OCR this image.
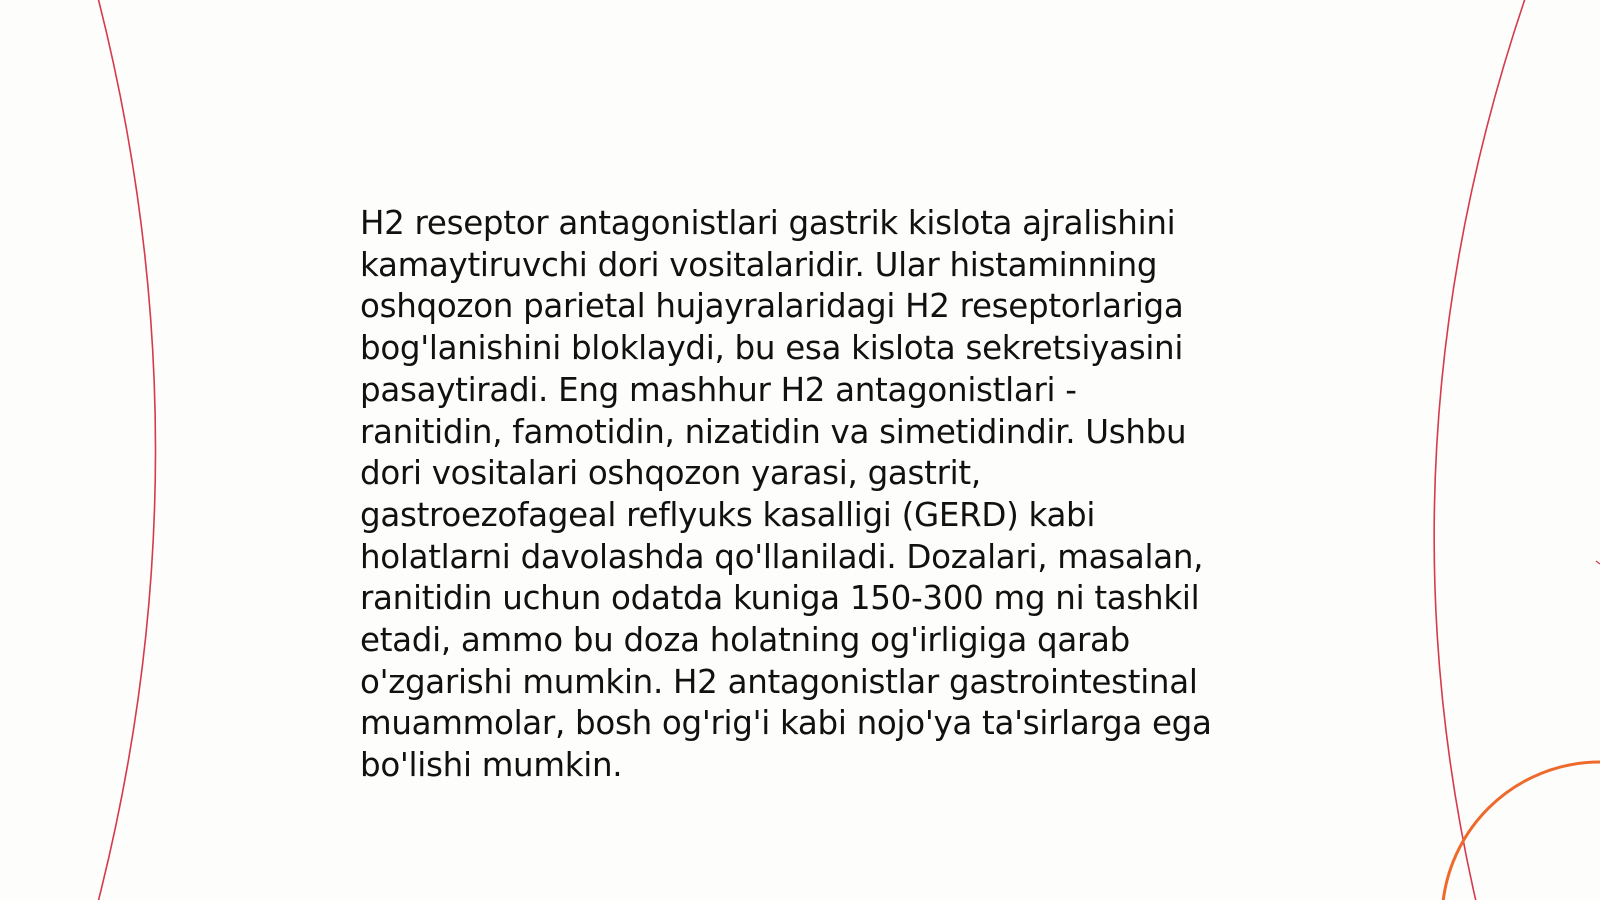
H2 reseptor antagonistlari gastrik kislota ajralishini
kamaytiruvchi dori vositalaridir. Ular histaminning
oshqozon parietal hujayralaridagi H2 reseptorlariga
bog'lanishini bloklaydi, bu esa kislota sekretsiyasini
pasaytiradi. Eng mashhur H2 antagonistlari -
ranitidin, famotidin, nizatidin va simetidindir. Ushbu
dori vositalari oshqozon yarasi, gastrit,
gastroezofageal reflyuks kasalligi (GERD) kabi
holatlarni davolashda qo'llaniladi. Dozalari, masalan,
ranitidin uchun odatda kuniga 150-300 mg ni tashkil
etadi, ammo bu doza holatning og'irligiga qarab
o'zgarishi mumkin. H2 antagonistlar gastrointestinal
muammolar, bosh og'rig'i kabi nojo'ya ta'sirlarga ega
bo'lishi mumkin.
